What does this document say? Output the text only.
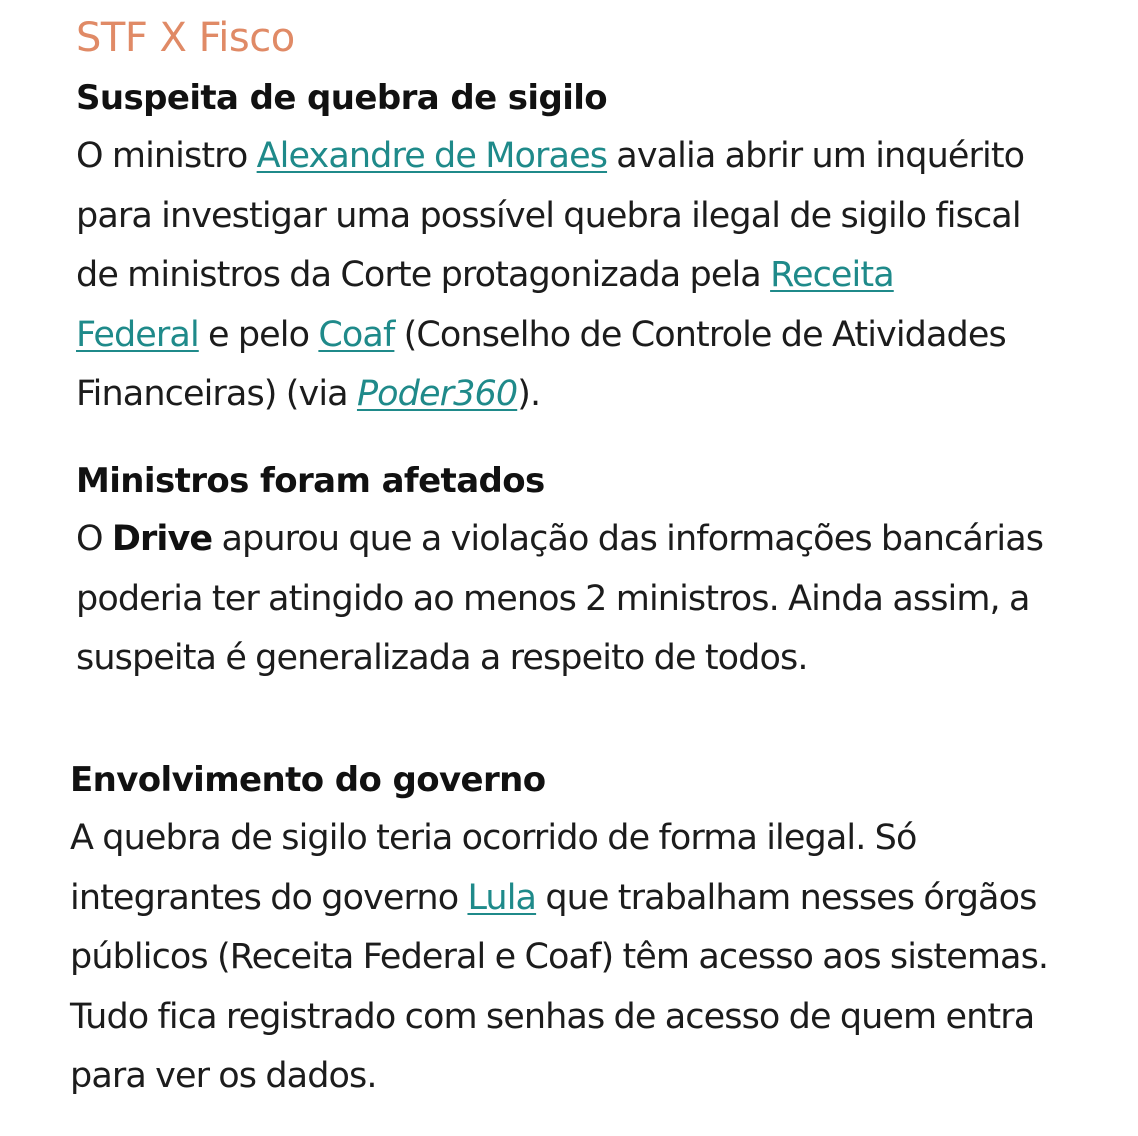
STF X Fisco
Suspeita de quebra de sigilo

O ministro Alexandre de Moraes avalia abrir um inquérito
para investigar uma possível quebra ilegal de sigilo fiscal
de ministros da Corte protagonizada pela Receita
Federal e pelo Coaf (Conselho de Controle de Atividades
Financeiras) (via Poder360).

Ministros foram afetados

O Drive apurou que a violação das informações bancárias
poderia ter atingido ao menos 2 ministros. Ainda assim, a
suspeita é generalizada a respeito de todos.

Envolvimento do governo

A quebra de sigilo teria ocorrido de forma ilegal. Só
integrantes do governo Lula que trabalham nesses órgãos
públicos (Receita Federal e Coaf) têm acesso aos sistemas.
Tudo fica registrado com senhas de acesso de quem entra
para ver os dados.
